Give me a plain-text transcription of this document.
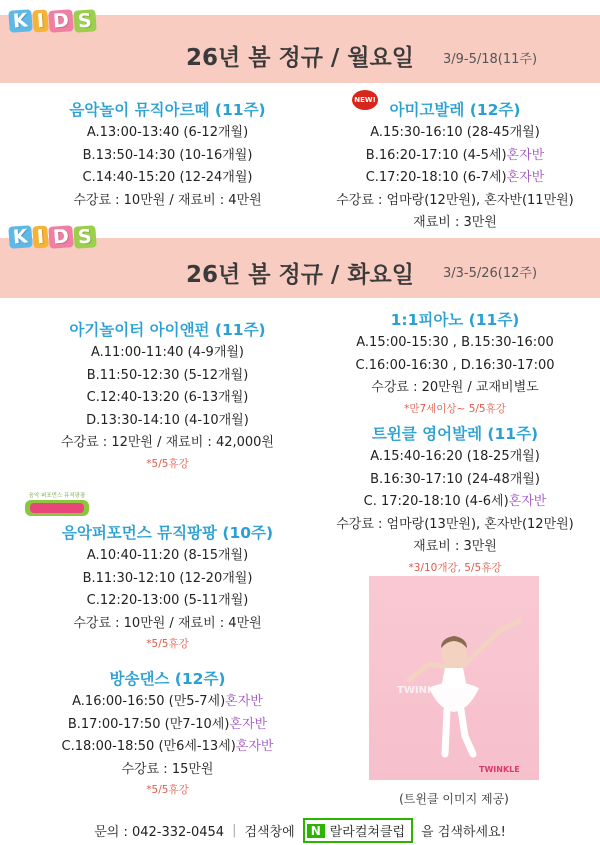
K I D S
26년 봄 정규 / 월요일	3/9-5/18(11주)
음악놀이 뮤직아르떼 (11주)
A.13:00-13:40 (6-12개월)
B.13:50-14:30 (10-16개월)
C.14:40-15:20 (12-24개월)
수강료 : 10만원 / 재료비 : 4만원
NEW!
아미고발레 (12주)
A.15:30-16:10 (28-45개월)
B.16:20-17:10 (4-5세)혼자반
C.17:20-18:10 (6-7세)혼자반
수강료 : 엄마랑(12만원), 혼자반(11만원)
재료비 : 3만원
K I D S
26년 봄 정규 / 화요일	3/3-5/26(12주)
아기놀이터 아이앤펀 (11주)
A.11:00-11:40 (4-9개월)
B.11:50-12:30 (5-12개월)
C.12:40-13:20 (6-13개월)
D.13:30-14:10 (4-10개월)
수강료 : 12만원 / 재료비 : 42,000원
*5/5휴강
음악 퍼포먼스 뮤직팡팡
음악퍼포먼스 뮤직팡팡 (10주)
A.10:40-11:20 (8-15개월)
B.11:30-12:10 (12-20개월)
C.12:20-13:00 (5-11개월)
수강료 : 10만원 / 재료비 : 4만원
*5/5휴강
방송댄스 (12주)
A.16:00-16:50 (만5-7세)혼자반
B.17:00-17:50 (만7-10세)혼자반
C.18:00-18:50 (만6세-13세)혼자반
수강료 : 15만원
*5/5휴강
1:1피아노 (11주)
A.15:00-15:30 , B.15:30-16:00
C.16:00-16:30 , D.16:30-17:00
수강료 : 20만원 / 교재비별도
*만7세이상~ 5/5휴강
트윈클 영어발레 (11주)
A.15:40-16:20 (18-25개월)
B.16:30-17:10 (24-48개월)
C. 17:20-18:10 (4-6세)혼자반
수강료 : 엄마랑(13만원), 혼자반(12만원)
재료비 : 3만원
*3/10개강, 5/5휴강
TWINKLE
TWINKLE
(트윈클 이미지 제공)
문의 : 042-332-0454 | 검색창에	N 랄라컬쳐클럽 을 검색하세요!
